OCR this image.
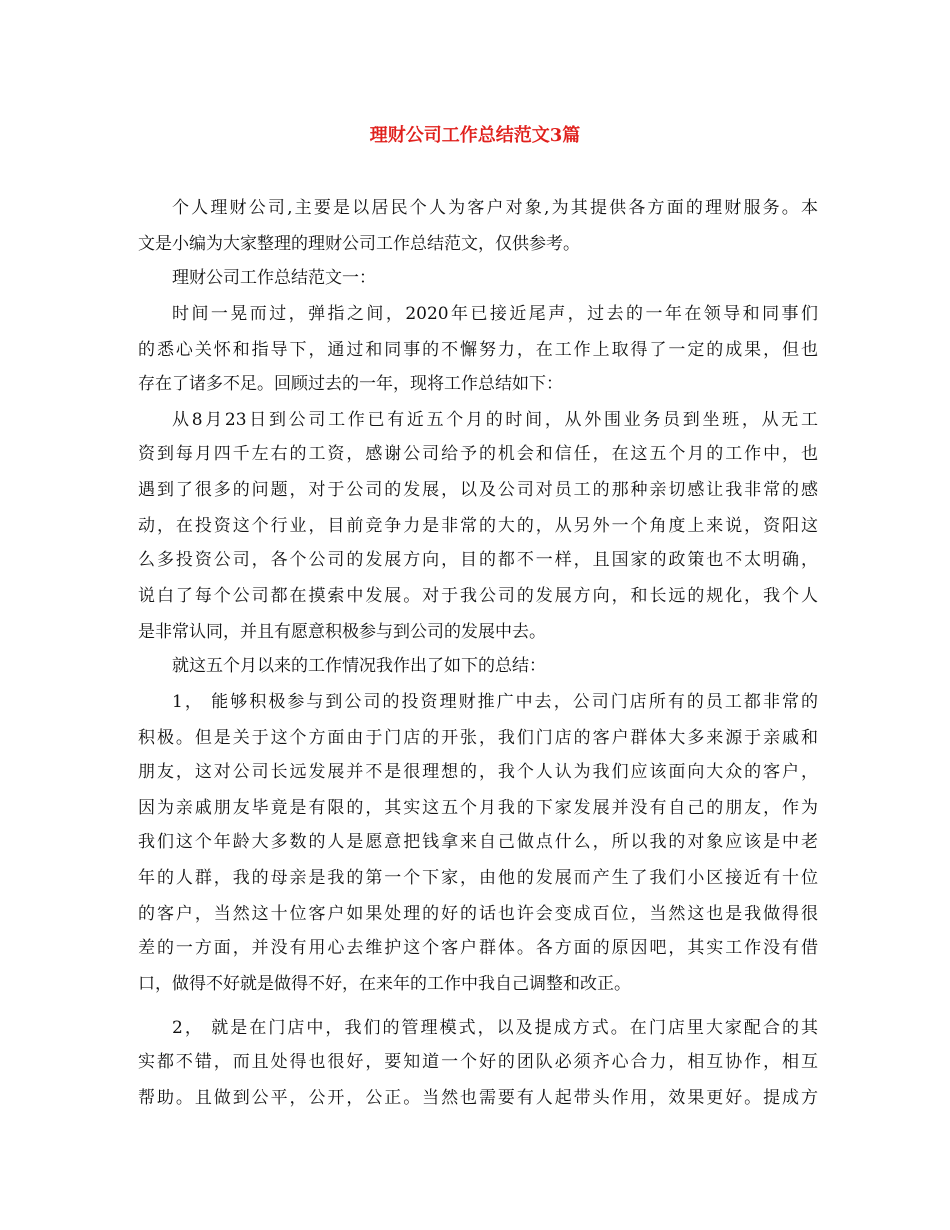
理财公司工作总结范文3篇
个人理财公司,主要是以居民个人为客户对象,为其提供各方面的理财服务。本
文是小编为大家整理的理财公司工作总结范文，仅供参考。
理财公司工作总结范文一：
时间一晃而过，弹指之间，2020年已接近尾声，过去的一年在领导和同事们
的悉心关怀和指导下，通过和同事的不懈努力，在工作上取得了一定的成果，但也
存在了诸多不足。回顾过去的一年，现将工作总结如下：
从8月23日到公司工作已有近五个月的时间，从外围业务员到坐班，从无工
资到每月四千左右的工资，感谢公司给予的机会和信任，在这五个月的工作中，也
遇到了很多的问题，对于公司的发展，以及公司对员工的那种亲切感让我非常的感
动，在投资这个行业，目前竞争力是非常的大的，从另外一个角度上来说，资阳这
么多投资公司，各个公司的发展方向，目的都不一样，且国家的政策也不太明确，
说白了每个公司都在摸索中发展。对于我公司的发展方向，和长远的规化，我个人
是非常认同，并且有愿意积极参与到公司的发展中去。
就这五个月以来的工作情况我作出了如下的总结：
1， 能够积极参与到公司的投资理财推广中去，公司门店所有的员工都非常的
积极。但是关于这个方面由于门店的开张，我们门店的客户群体大多来源于亲戚和
朋友，这对公司长远发展并不是很理想的，我个人认为我们应该面向大众的客户，
因为亲戚朋友毕竟是有限的，其实这五个月我的下家发展并没有自己的朋友，作为
我们这个年龄大多数的人是愿意把钱拿来自己做点什么，所以我的对象应该是中老
年的人群，我的母亲是我的第一个下家，由他的发展而产生了我们小区接近有十位
的客户，当然这十位客户如果处理的好的话也许会变成百位，当然这也是我做得很
差的一方面，并没有用心去维护这个客户群体。各方面的原因吧，其实工作没有借
口，做得不好就是做得不好，在来年的工作中我自己调整和改正。
2， 就是在门店中，我们的管理模式，以及提成方式。在门店里大家配合的其
实都不错，而且处得也很好，要知道一个好的团队必须齐心合力，相互协作，相互
帮助。且做到公平，公开，公正。当然也需要有人起带头作用，效果更好。提成方
